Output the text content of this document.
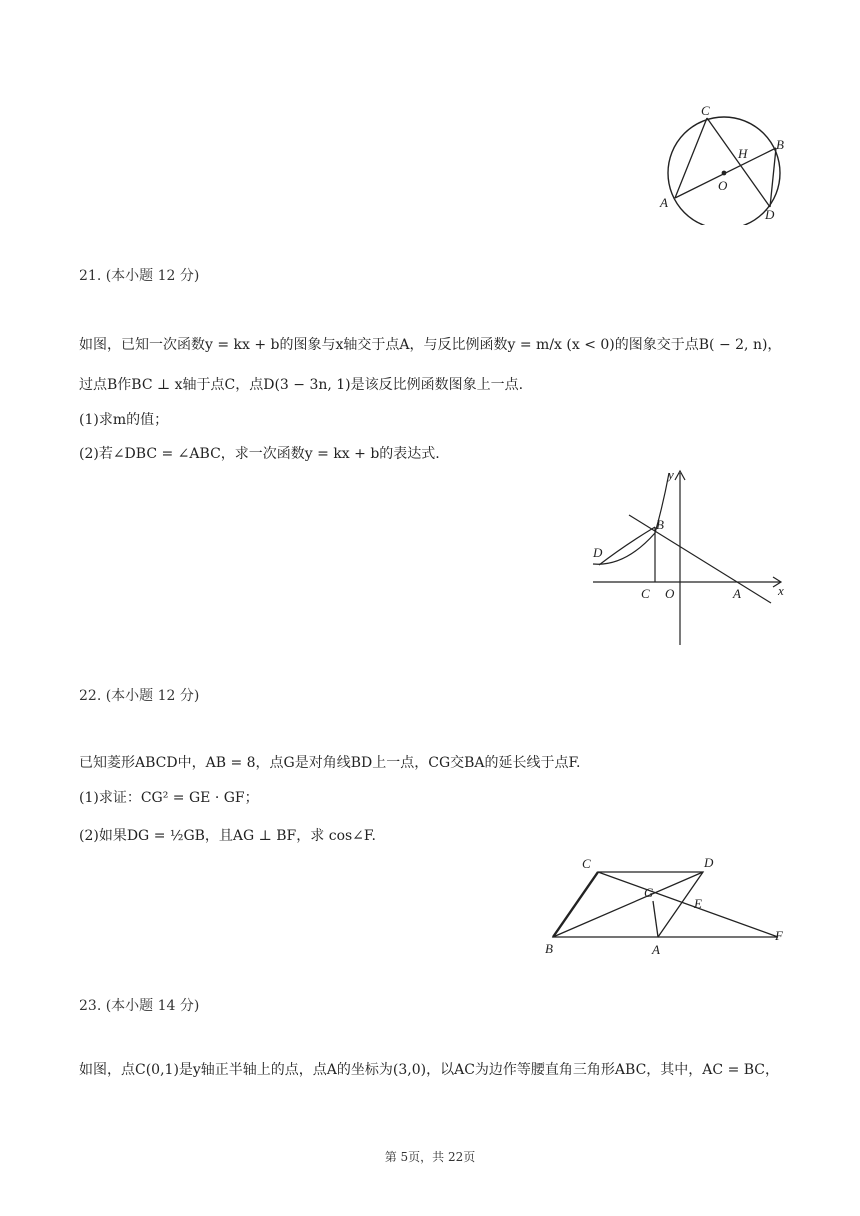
C
B
H
O
A
D
21. (本小题 12 分)
如图，已知一次函数y = kx + b的图象与x轴交于点A，与反比例函数y = m/x (x < 0)的图象交于点B( − 2, n)，
过点B作BC ⊥ x轴于点C，点D(3 − 3n, 1)是该反比例函数图象上一点.
(1)求m的值；
(2)若∠DBC = ∠ABC，求一次函数y = kx + b的表达式.
y
x
B
D
C O	A
22. (本小题 12 分)
已知菱形ABCD中，AB = 8，点G是对角线BD上一点，CG交BA的延长线于点F.
(1)求证：CG² = GE · GF；
(2)如果DG = ½GB，且AG ⊥ BF，求 cos∠F.
C	D
G
E
B	A
F
23. (本小题 14 分)
如图，点C(0,1)是y轴正半轴上的点，点A的坐标为(3,0)，以AC为边作等腰直角三角形ABC，其中，AC = BC，
第 5页，共 22页
